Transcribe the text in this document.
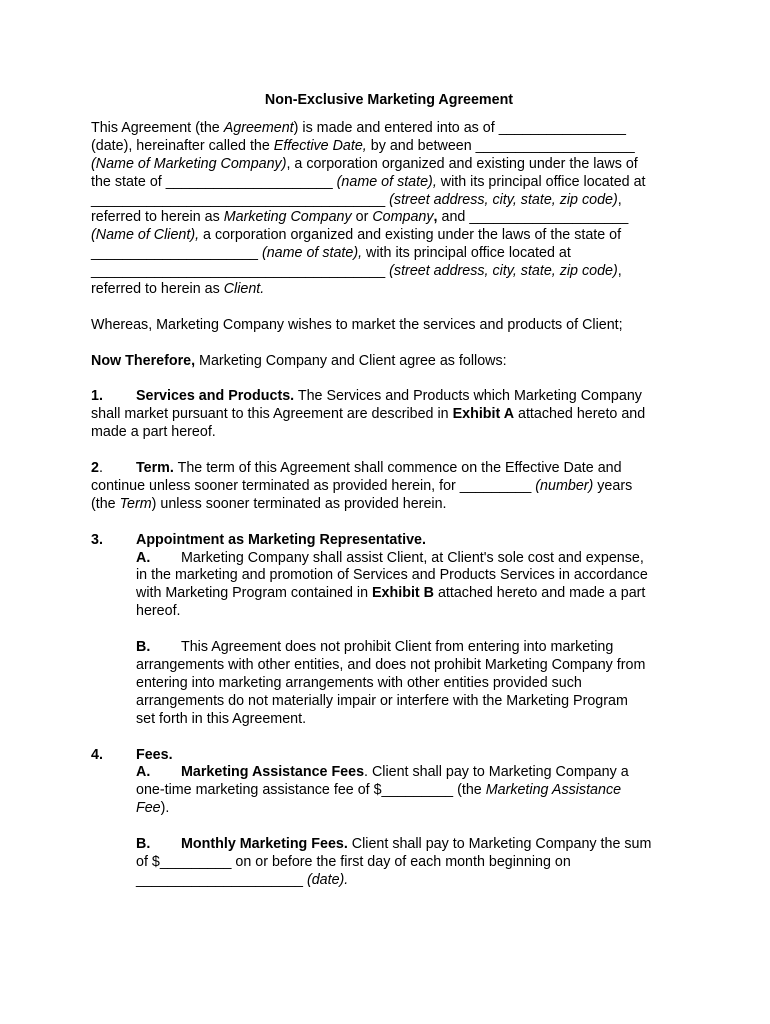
Non-Exclusive Marketing Agreement

This Agreement (the Agreement) is made and entered into as of ________________
(date), hereinafter called the Effective Date, by and between ____________________
(Name of Marketing Company), a corporation organized and existing under the laws of
the state of _____________________ (name of state), with its principal office located at
_____________________________________ (street address, city, state, zip code),
referred to herein as Marketing Company or Company, and ____________________
(Name of Client), a corporation organized and existing under the laws of the state of
_____________________ (name of state), with its principal office located at
_____________________________________ (street address, city, state, zip code),
referred to herein as Client.

Whereas, Marketing Company wishes to market the services and products of Client;

Now Therefore, Marketing Company and Client agree as follows:

1. Services and Products. The Services and Products which Marketing Company
shall market pursuant to this Agreement are described in Exhibit A attached hereto and
made a part hereof.

2. Term. The term of this Agreement shall commence on the Effective Date and
continue unless sooner terminated as provided herein, for _________ (number) years
(the Term) unless sooner terminated as provided herein.

3. Appointment as Marketing Representative.
A. Marketing Company shall assist Client, at Client's sole cost and expense,
in the marketing and promotion of Services and Products Services in accordance
with Marketing Program contained in Exhibit B attached hereto and made a part
hereof.
B. This Agreement does not prohibit Client from entering into marketing
arrangements with other entities, and does not prohibit Marketing Company from
entering into marketing arrangements with other entities provided such
arrangements do not materially impair or interfere with the Marketing Program
set forth in this Agreement.
4. Fees.
A. Marketing Assistance Fees. Client shall pay to Marketing Company a
one-time marketing assistance fee of $_________ (the Marketing Assistance
Fee).
B. Monthly Marketing Fees. Client shall pay to Marketing Company the sum
of $_________ on or before the first day of each month beginning on
_____________________ (date).
